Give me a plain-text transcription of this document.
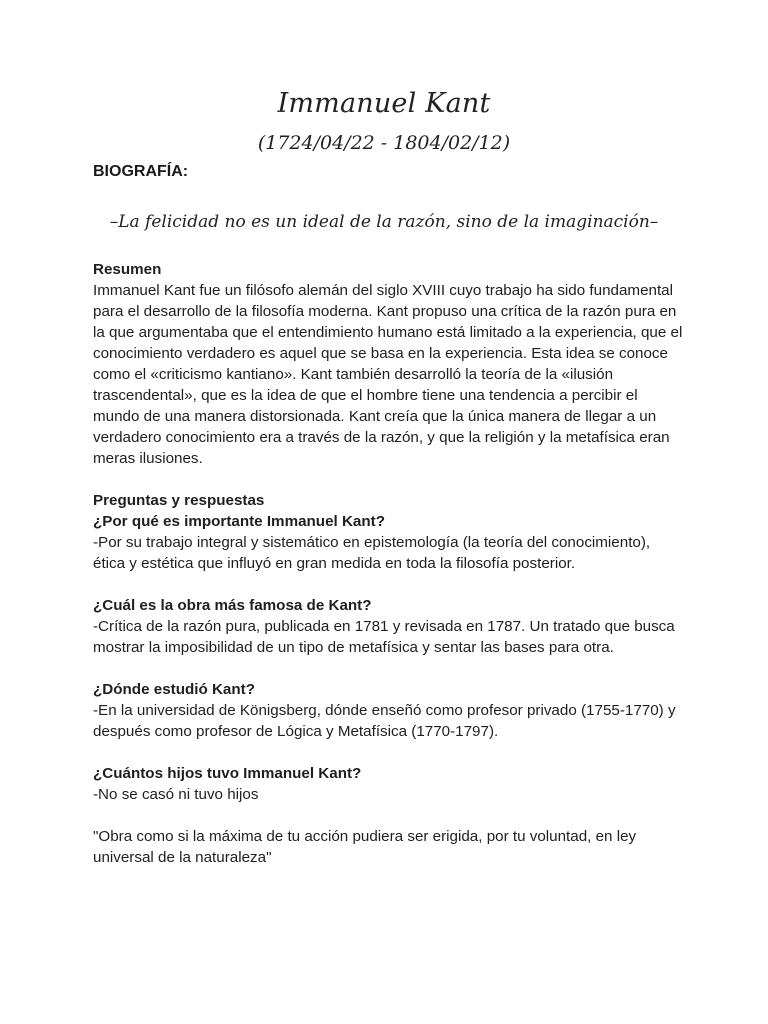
Immanuel Kant
(1724/04/22 - 1804/02/12)
BIOGRAFÍA:
–La felicidad no es un ideal de la razón, sino de la imaginación–
Resumen

Immanuel Kant fue un filósofo alemán del siglo XVIII cuyo trabajo ha sido fundamental para el desarrollo de la filosofía moderna. Kant propuso una crítica de la razón pura en la que argumentaba que el entendimiento humano está limitado a la experiencia, que el conocimiento verdadero es aquel que se basa en la experiencia. Esta idea se conoce como el «criticismo kantiano». Kant también desarrolló la teoría de la «ilusión trascendental», que es la idea de que el hombre tiene una tendencia a percibir el mundo de una manera distorsionada. Kant creía que la única manera de llegar a un verdadero conocimiento era a través de la razón, y que la religión y la metafísica eran meras ilusiones.

Preguntas y respuestas
¿Por qué es importante Immanuel Kant?

-Por su trabajo integral y sistemático en epistemología (la teoría del conocimiento), ética y estética que influyó en gran medida en toda la filosofía posterior.

¿Cuál es la obra más famosa de Kant?

-Crítica de la razón pura, publicada en 1781 y revisada en 1787. Un tratado que busca mostrar la imposibilidad de un tipo de metafísica y sentar las bases para otra.

¿Dónde estudió Kant?

-En la universidad de Königsberg, dónde enseñó como profesor privado (1755-1770) y después como profesor de Lógica y Metafísica (1770-1797).

¿Cuántos hijos tuvo Immanuel Kant?

-No se casó ni tuvo hijos

"Obra como si la máxima de tu acción pudiera ser erigida, por tu voluntad, en ley universal de la naturaleza"
